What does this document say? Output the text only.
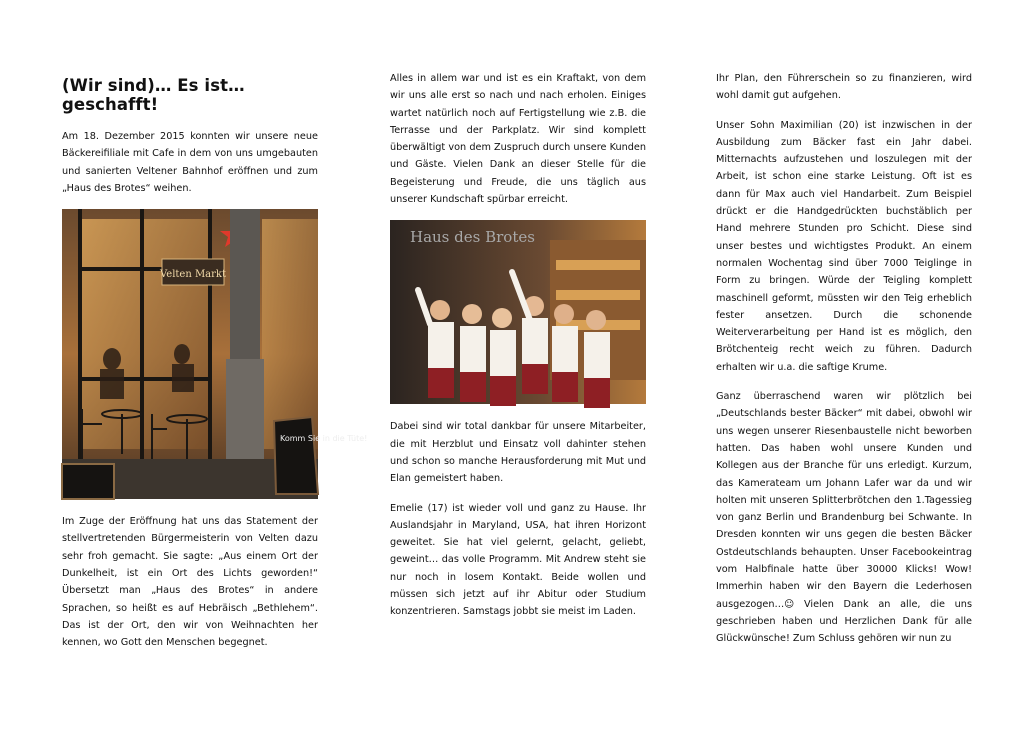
(Wir sind)… Es ist… geschafft!

Am 18. Dezember 2015 konnten wir unsere neue Bäckereifiliale mit Cafe in dem von uns umgebauten und sanierten Veltener Bahnhof eröffnen und zum „Haus des Brotes“ weihen.

Velten Markt
Komm Sie in die Tüte!

Im Zuge der Eröffnung hat uns das Statement der stellvertretenden Bürgermeisterin von Velten dazu sehr froh gemacht. Sie sagte: „Aus einem Ort der Dunkelheit, ist ein Ort des Lichts geworden!“ Übersetzt man „Haus des Brotes“ in andere Sprachen, so heißt es auf Hebräisch „Bethlehem“. Das ist der Ort, den wir von Weihnachten her kennen, wo Gott den Menschen begegnet.

Alles in allem war und ist es ein Kraftakt, von dem wir uns alle erst so nach und nach erholen. Einiges wartet natürlich noch auf Fertigstellung wie z.B. die Terrasse und der Parkplatz. Wir sind komplett überwältigt von dem Zuspruch durch unsere Kunden und Gäste. Vielen Dank an dieser Stelle für die Begeisterung und Freude, die uns täglich aus unserer Kundschaft spürbar erreicht.

Haus des Brotes

Dabei sind wir total dankbar für unsere Mitarbeiter, die mit Herzblut und Einsatz voll dahinter stehen und schon so manche Herausforderung mit Mut und Elan gemeistert haben.

Emelie (17) ist wieder voll und ganz zu Hause. Ihr Auslandsjahr in Maryland, USA, hat ihren Horizont geweitet. Sie hat viel gelernt, gelacht, geliebt, geweint… das volle Programm. Mit Andrew steht sie nur noch in losem Kontakt. Beide wollen und müssen sich jetzt auf ihr Abitur oder Studium konzentrieren. Samstags jobbt sie meist im Laden.

Ihr Plan, den Führerschein so zu finanzieren, wird wohl damit gut aufgehen.

Unser Sohn Maximilian (20) ist inzwischen in der Ausbildung zum Bäcker fast ein Jahr dabei. Mitternachts aufzustehen und loszulegen mit der Arbeit, ist schon eine starke Leistung. Oft ist es dann für Max auch viel Handarbeit. Zum Beispiel drückt er die Handgedrückten buchstäblich per Hand mehrere Stunden pro Schicht. Diese sind unser bestes und wichtigstes Produkt. An einem normalen Wochentag sind über 7000 Teiglinge in Form zu bringen. Würde der Teigling komplett maschinell geformt, müssten wir den Teig erheblich fester ansetzen. Durch die schonende Weiterverarbeitung per Hand ist es möglich, den Brötchenteig recht weich zu führen. Dadurch erhalten wir u.a. die saftige Krume.

Ganz überraschend waren wir plötzlich bei „Deutschlands bester Bäcker“ mit dabei, obwohl wir uns wegen unserer Riesenbaustelle nicht beworben hatten. Das haben wohl unsere Kunden und Kollegen aus der Branche für uns erledigt. Kurzum, das Kamerateam um Johann Lafer war da und wir holten mit unseren Splitterbrötchen den 1.Tagessieg von ganz Berlin und Brandenburg bei Schwante. In Dresden konnten wir uns gegen die besten Bäcker Ostdeutschlands behaupten. Unser Facebookeintrag vom Halbfinale hatte über 30000 Klicks! Wow! Immerhin haben wir den Bayern die Lederhosen ausgezogen…☺ Vielen Dank an alle, die uns geschrieben haben und Herzlichen Dank für alle Glückwünsche! Zum Schluss gehören wir nun zu
